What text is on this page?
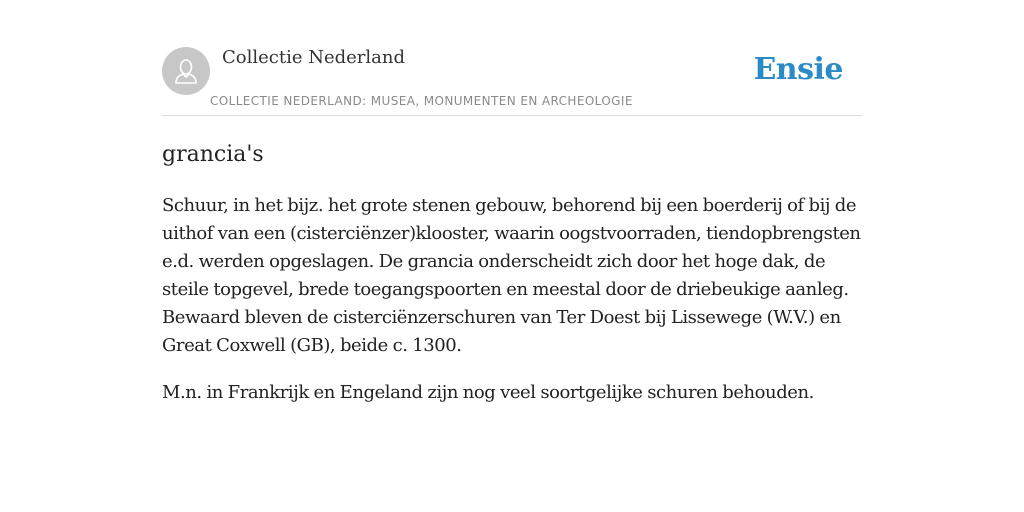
Collectie Nederland
COLLECTIE NEDERLAND: MUSEA, MONUMENTEN EN ARCHEOLOGIE
Ensie
grancia's

Schuur, in het bijz. het grote stenen gebouw, behorend bij een boerderij of bij de uithof van een (cisterciënzer)klooster, waarin oogstvoorraden, tiendopbrengsten e.d. werden opgeslagen. De grancia onderscheidt zich door het hoge dak, de steile topgevel, brede toegangspoorten en meestal door de driebeukige aanleg. Bewaard bleven de cisterciënzerschuren van Ter Doest bij Lissewege (W.V.) en Great Coxwell (GB), beide c. 1300.

M.n. in Frankrijk en Engeland zijn nog veel soortgelijke schuren behouden.
